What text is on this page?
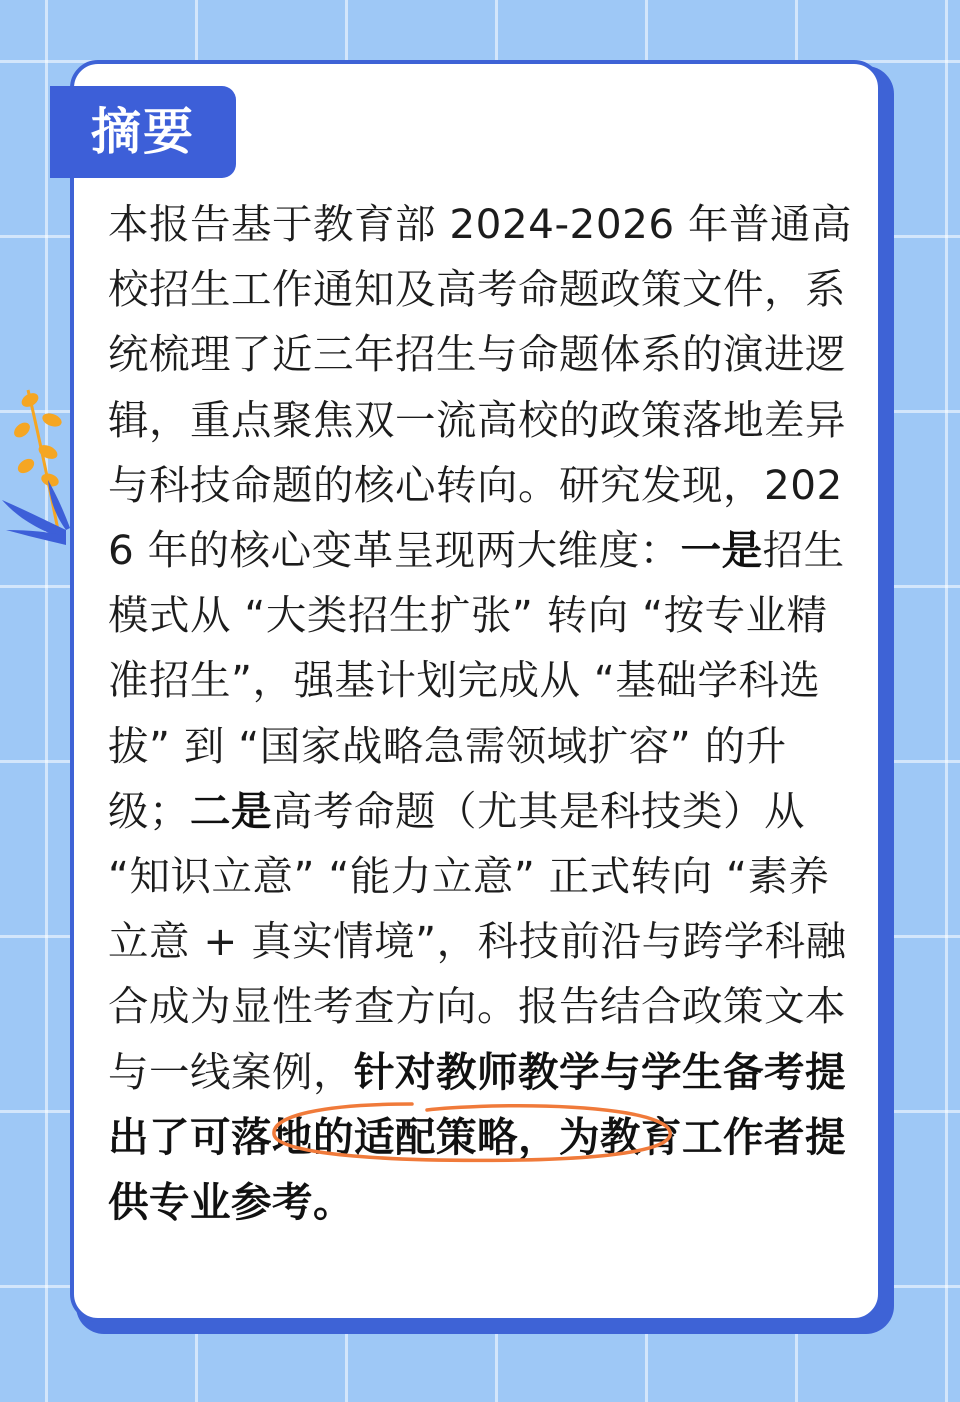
摘要

本报告基于教育部 2024-2026 年普通高校招生工作通知及高考命题政策文件，系统梳理了近三年招生与命题体系的演进逻辑，重点聚焦双一流高校的政策落地差异与科技命题的核心转向。研究发现，2026 年的核心变革呈现两大维度：一是招生模式从 “大类招生扩张” 转向 “按专业精准招生”，强基计划完成从 “基础学科选拔” 到 “国家战略急需领域扩容” 的升级；二是高考命题（尤其是科技类）从 “知识立意” “能力立意” 正式转向 “素养立意 + 真实情境”，科技前沿与跨学科融合成为显性考查方向。报告结合政策文本与一线案例，针对教师教学与学生备考提出了可落地的适配策略，为教育工作者提供专业参考。
